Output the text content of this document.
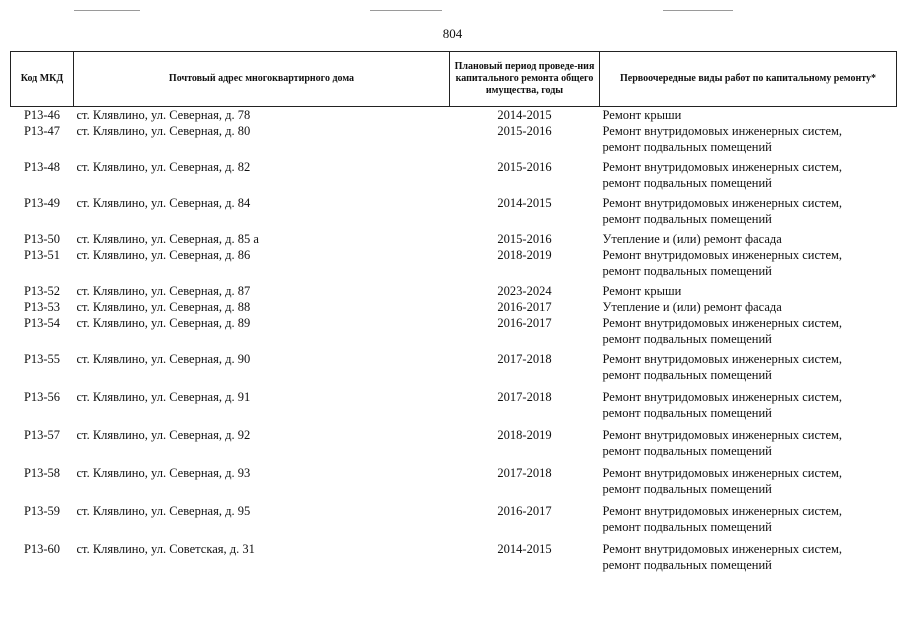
804
Код МКД	Почтовый адрес многоквартирного дома	Плановый период проведе-ния капитального ремонта общего имущества, годы	Первоочередные виды работ по капитальному ремонту*
Р13-46	ст. Клявлино, ул. Северная, д. 78	2014-2015	Ремонт крыши

Р13-47	ст. Клявлино, ул. Северная, д. 80	2015-2016	Ремонт внутридомовых инженерных систем,
ремонт подвальных помещений

Р13-48	ст. Клявлино, ул. Северная, д. 82	2015-2016	Ремонт внутридомовых инженерных систем,
ремонт подвальных помещений

Р13-49	ст. Клявлино, ул. Северная, д. 84	2014-2015	Ремонт внутридомовых инженерных систем,
ремонт подвальных помещений

Р13-50	ст. Клявлино, ул. Северная, д. 85 а	2015-2016	Утепление и (или) ремонт фасада

Р13-51	ст. Клявлино, ул. Северная, д. 86	2018-2019	Ремонт внутридомовых инженерных систем,
ремонт подвальных помещений

Р13-52	ст. Клявлино, ул. Северная, д. 87	2023-2024	Ремонт крыши

Р13-53	ст. Клявлино, ул. Северная, д. 88	2016-2017	Утепление и (или) ремонт фасада

Р13-54	ст. Клявлино, ул. Северная, д. 89	2016-2017	Ремонт внутридомовых инженерных систем,
ремонт подвальных помещений

Р13-55	ст. Клявлино, ул. Северная, д. 90	2017-2018	Ремонт внутридомовых инженерных систем,
ремонт подвальных помещений

Р13-56	ст. Клявлино, ул. Северная, д. 91	2017-2018	Ремонт внутридомовых инженерных систем,
ремонт подвальных помещений

Р13-57	ст. Клявлино, ул. Северная, д. 92	2018-2019	Ремонт внутридомовых инженерных систем,
ремонт подвальных помещений

Р13-58	ст. Клявлино, ул. Северная, д. 93	2017-2018	Ремонт внутридомовых инженерных систем,
ремонт подвальных помещений

Р13-59	ст. Клявлино, ул. Северная, д. 95	2016-2017	Ремонт внутридомовых инженерных систем,
ремонт подвальных помещений

Р13-60	ст. Клявлино, ул. Советская, д. 31	2014-2015	Ремонт внутридомовых инженерных систем,
ремонт подвальных помещений
